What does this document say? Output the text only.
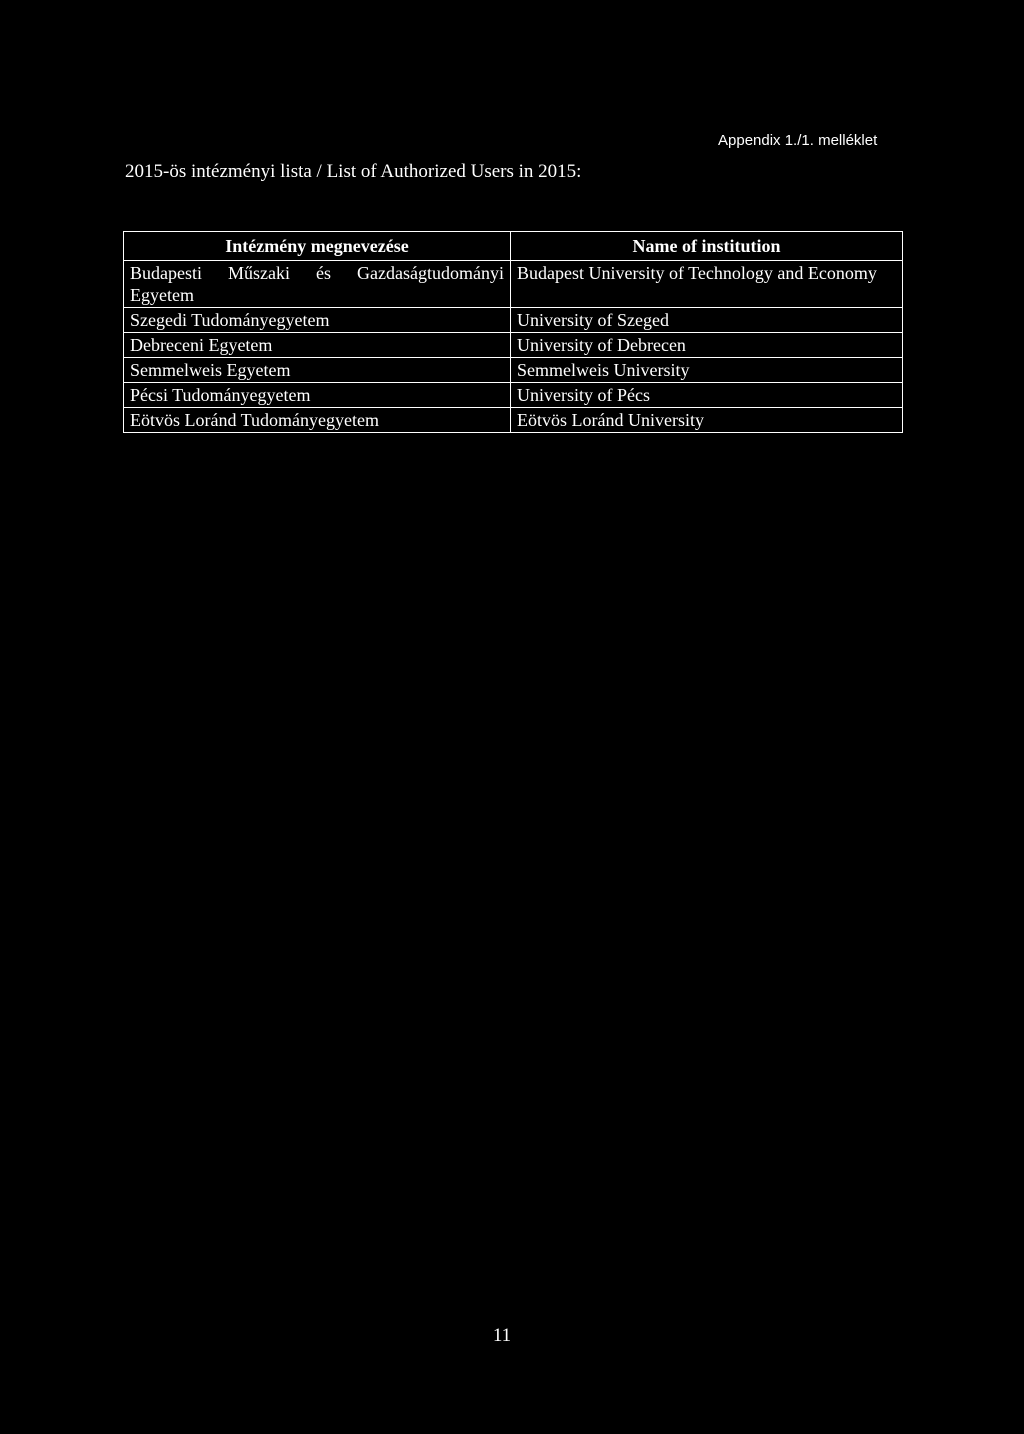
Appendix 1./1. melléklet
2015-ös intézményi lista / List of Authorized Users in 2015:
Intézmény megnevezése	Name of institution
Budapesti Műszaki és Gazdaságtudományi Egyetem	Budapest University of Technology and Economy
Szegedi Tudományegyetem	University of Szeged
Debreceni Egyetem	University of Debrecen
Semmelweis Egyetem	Semmelweis University
Pécsi Tudományegyetem	University of Pécs
Eötvös Loránd Tudományegyetem	Eötvös Loránd University
11
